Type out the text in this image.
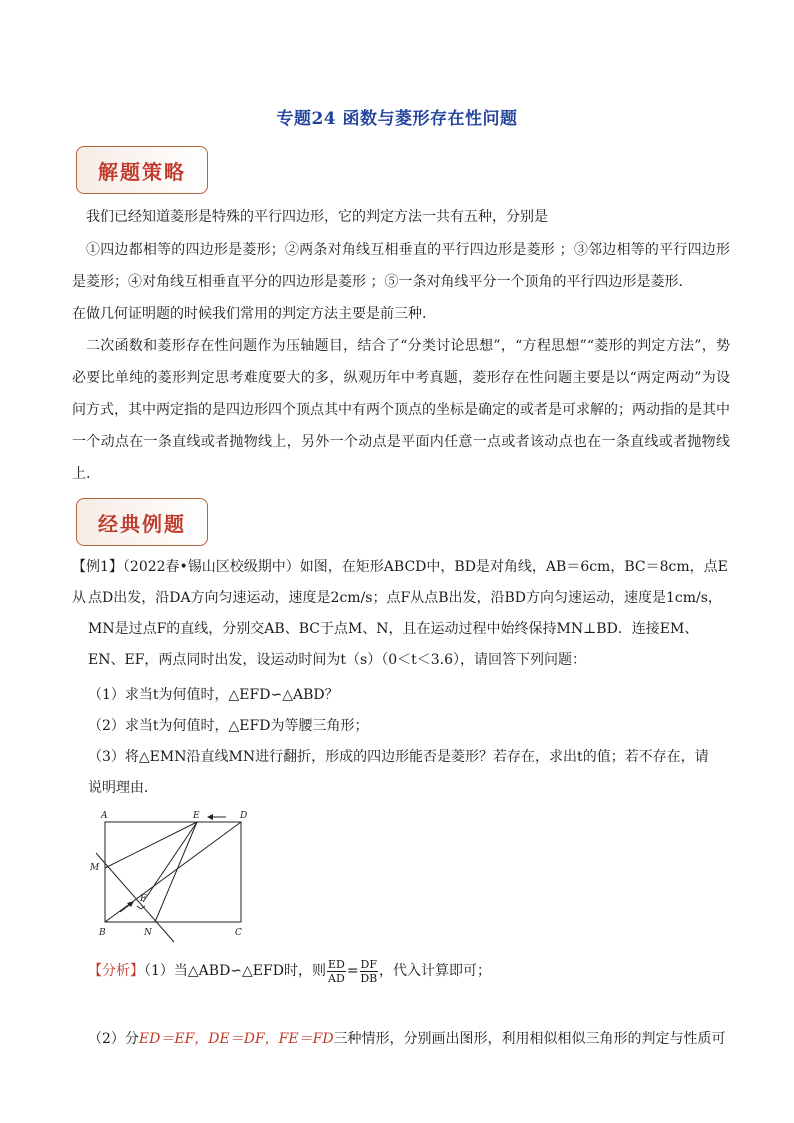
专题24 函数与菱形存在性问题
解题策略
我们已经知道菱形是特殊的平行四边形，它的判定方法一共有五种，分别是
①四边都相等的四边形是菱形；②两条对角线互相垂直的平行四边形是菱形 ；③邻边相等的平行四边形是菱形；④对角线互相垂直平分的四边形是菱形 ；⑤一条对角线平分一个顶角的平行四边形是菱形.
在做几何证明题的时候我们常用的判定方法主要是前三种.
二次函数和菱形存在性问题作为压轴题目，结合了“分类讨论思想”，“方程思想”“菱形的判定方法”，势必要比单纯的菱形判定思考难度要大的多，纵观历年中考真题，菱形存在性问题主要是以“两定两动”为设问方式，其中两定指的是四边形四个顶点其中有两个顶点的坐标是确定的或者是可求解的；两动指的是其中一个动点在一条直线或者抛物线上，另外一个动点是平面内任意一点或者该动点也在一条直线或者抛物线上.
经典例题
【例1】（2022春•锡山区校级期中）如图，在矩形ABCD中，BD是对角线，AB＝6cm，BC＝8cm，点E从 点D出发，沿DA方向匀速运动，速度是2cm/s；点F从点B出发，沿BD方向匀速运动，速度是1cm/s，MN是过点F的直线，分别交AB、BC于点M、N，且在运动过程中始终保持MN⊥BD．连接EM、EN、EF，两点同时出发，设运动时间为t（s）（0＜t＜3.6），请回答下列问题：
（1）求当t为何值时，△EFD∽△ABD？
（2）求当t为何值时，△EFD为等腰三角形；
（3）将△EMN沿直线MN进行翻折，形成的四边形能否是菱形？若存在，求出t的值；若不存在，请
说明理由．
A	E	D
M
F
B	N	C
【分析】（1）当△ABD∽△EFD时，则 $\frac{ED}{AD} = \frac{DF}{DB}$ ，代入计算即可；
（2）分ED＝EF，DE＝DF，FE＝FD三种情形，分别画出图形，利用相似相似三角形的判定与性质可
